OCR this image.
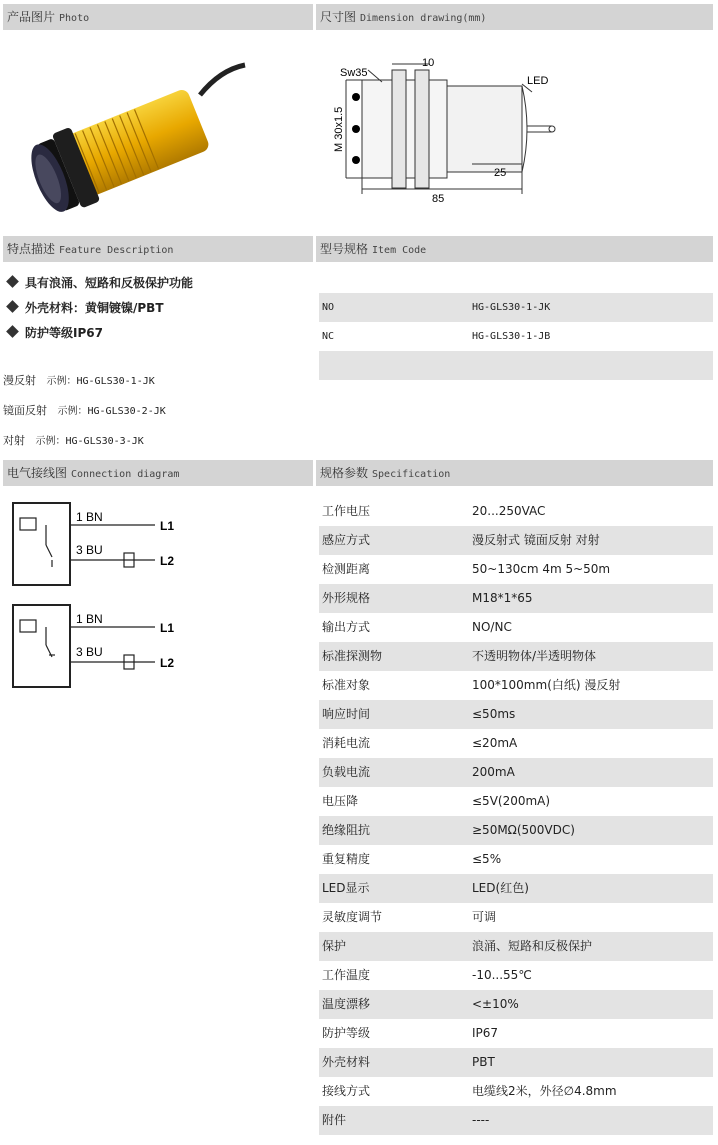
产品图片 Photo	尺寸图 Dimension drawing(mm)
Sw35
10
LED
25
85
M 30x1.5
特点描述 Feature Description	型号规格 Item Code
具有浪涌、短路和反极保护功能
外壳材料：黄铜镀镍/PBT
防护等级IP67
漫反射 示例：HG-GLS30-1-JK
镜面反射 示例：HG-GLS30-2-JK
对射 示例：HG-GLS30-3-JK
NO	HG-GLS30-1-JK
NC	HG-GLS30-1-JB
电气接线图 Connection diagram	规格参数 Specification
1 BN
3 BU
L1
L2
1 BN
3 BU
L1
L2
工作电压	20...250VAC
感应方式	漫反射式 镜面反射 对射
检测距离	50~130cm 4m 5~50m
外形规格	M18*1*65
输出方式	NO/NC
标准探测物	不透明物体/半透明物体
标准对象	100*100mm(白纸) 漫反射
响应时间	≤50ms
消耗电流	≤20mA
负载电流	200mA
电压降	≤5V(200mA)
绝缘阻抗	≥50MΩ(500VDC)
重复精度	≤5%
LED显示	LED(红色)
灵敏度调节	可调
保护	浪涌、短路和反极保护
工作温度	-10...55℃
温度漂移	<±10%
防护等级	IP67
外壳材料	PBT
接线方式	电缆线2米，外径∅4.8mm
附件	----
